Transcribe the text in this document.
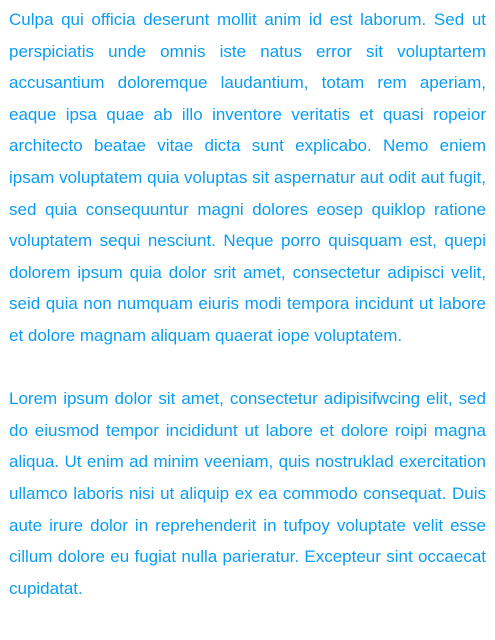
Culpa qui officia deserunt mollit anim id est laborum. Sed ut perspiciatis unde omnis iste natus error sit voluptartem accusantium doloremque laudantium, totam rem aperiam, eaque ipsa quae ab illo inventore veritatis et quasi ropeior architecto beatae vitae dicta sunt explicabo. Nemo eniem ipsam voluptatem quia voluptas sit aspernatur aut odit aut fugit, sed quia consequuntur magni dolores eosep quiklop ratione voluptatem sequi nesciunt. Neque porro quisquam est, quepi dolorem ipsum quia dolor srit amet, consectetur adipisci velit, seid quia non numquam eiuris modi tempora incidunt ut labore et dolore magnam aliquam quaerat iope voluptatem.

Lorem ipsum dolor sit amet, consectetur adipisifwcing elit, sed do eiusmod tempor incididunt ut labore et dolore roipi magna aliqua. Ut enim ad minim veeniam, quis nostruklad exercitation ullamco laboris nisi ut aliquip ex ea commodo consequat. Duis aute irure dolor in reprehenderit in tufpoy voluptate velit esse cillum dolore eu fugiat nulla parieratur. Excepteur sint occaecat cupidatat.
